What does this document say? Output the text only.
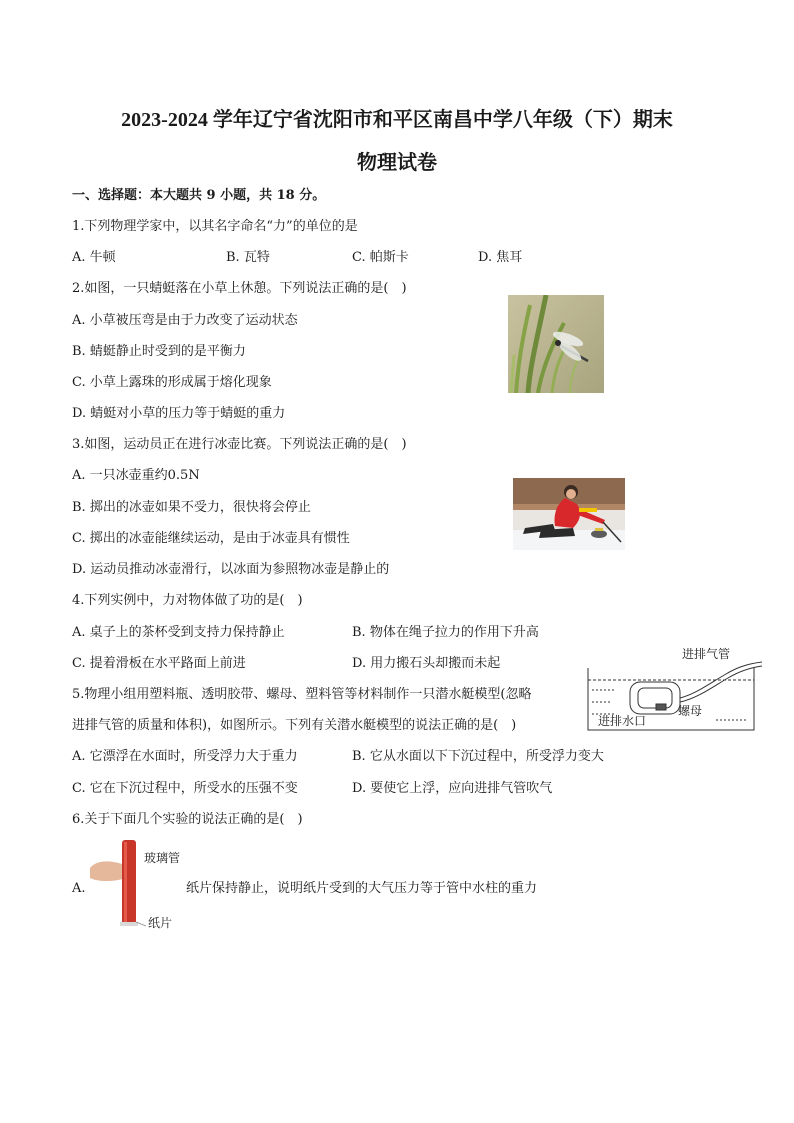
2023-2024 学年辽宁省沈阳市和平区南昌中学八年级（下）期末
物理试卷
一、选择题：本大题共 9 小题，共 18 分。
1.下列物理学家中，以其名字命名“力”的单位的是
A. 牛顿	B. 瓦特	C. 帕斯卡	D. 焦耳
2.如图，一只蜻蜓落在小草上休憩。下列说法正确的是(　)
A. 小草被压弯是由于力改变了运动状态
B. 蜻蜓静止时受到的是平衡力
C. 小草上露珠的形成属于熔化现象
D. 蜻蜓对小草的压力等于蜻蜓的重力
3.如图，运动员正在进行冰壶比赛。下列说法正确的是(　)
A. 一只冰壶重约0.5N
B. 掷出的冰壶如果不受力，很快将会停止
C. 掷出的冰壶能继续运动，是由于冰壶具有惯性
D. 运动员推动冰壶滑行，以冰面为参照物冰壶是静止的
4.下列实例中，力对物体做了功的是(　)
A. 桌子上的茶杯受到支持力保持静止	B. 物体在绳子拉力的作用下升高
C. 提着滑板在水平路面上前进	D. 用力搬石头却搬而未起
进排气管
螺母
进排水口
5.物理小组用塑料瓶、透明胶带、螺母、塑料管等材料制作一只潜水艇模型(忽略
进排气管的质量和体积)，如图所示。下列有关潜水艇模型的说法正确的是(　)
A. 它漂浮在水面时，所受浮力大于重力	B. 它从水面以下下沉过程中，所受浮力变大
C. 它在下沉过程中，所受水的压强不变	D. 要使它上浮，应向进排气管吹气
6.关于下面几个实验的说法正确的是(　)
A.
玻璃管
纸片
纸片保持静止，说明纸片受到的大气压力等于管中水柱的重力
